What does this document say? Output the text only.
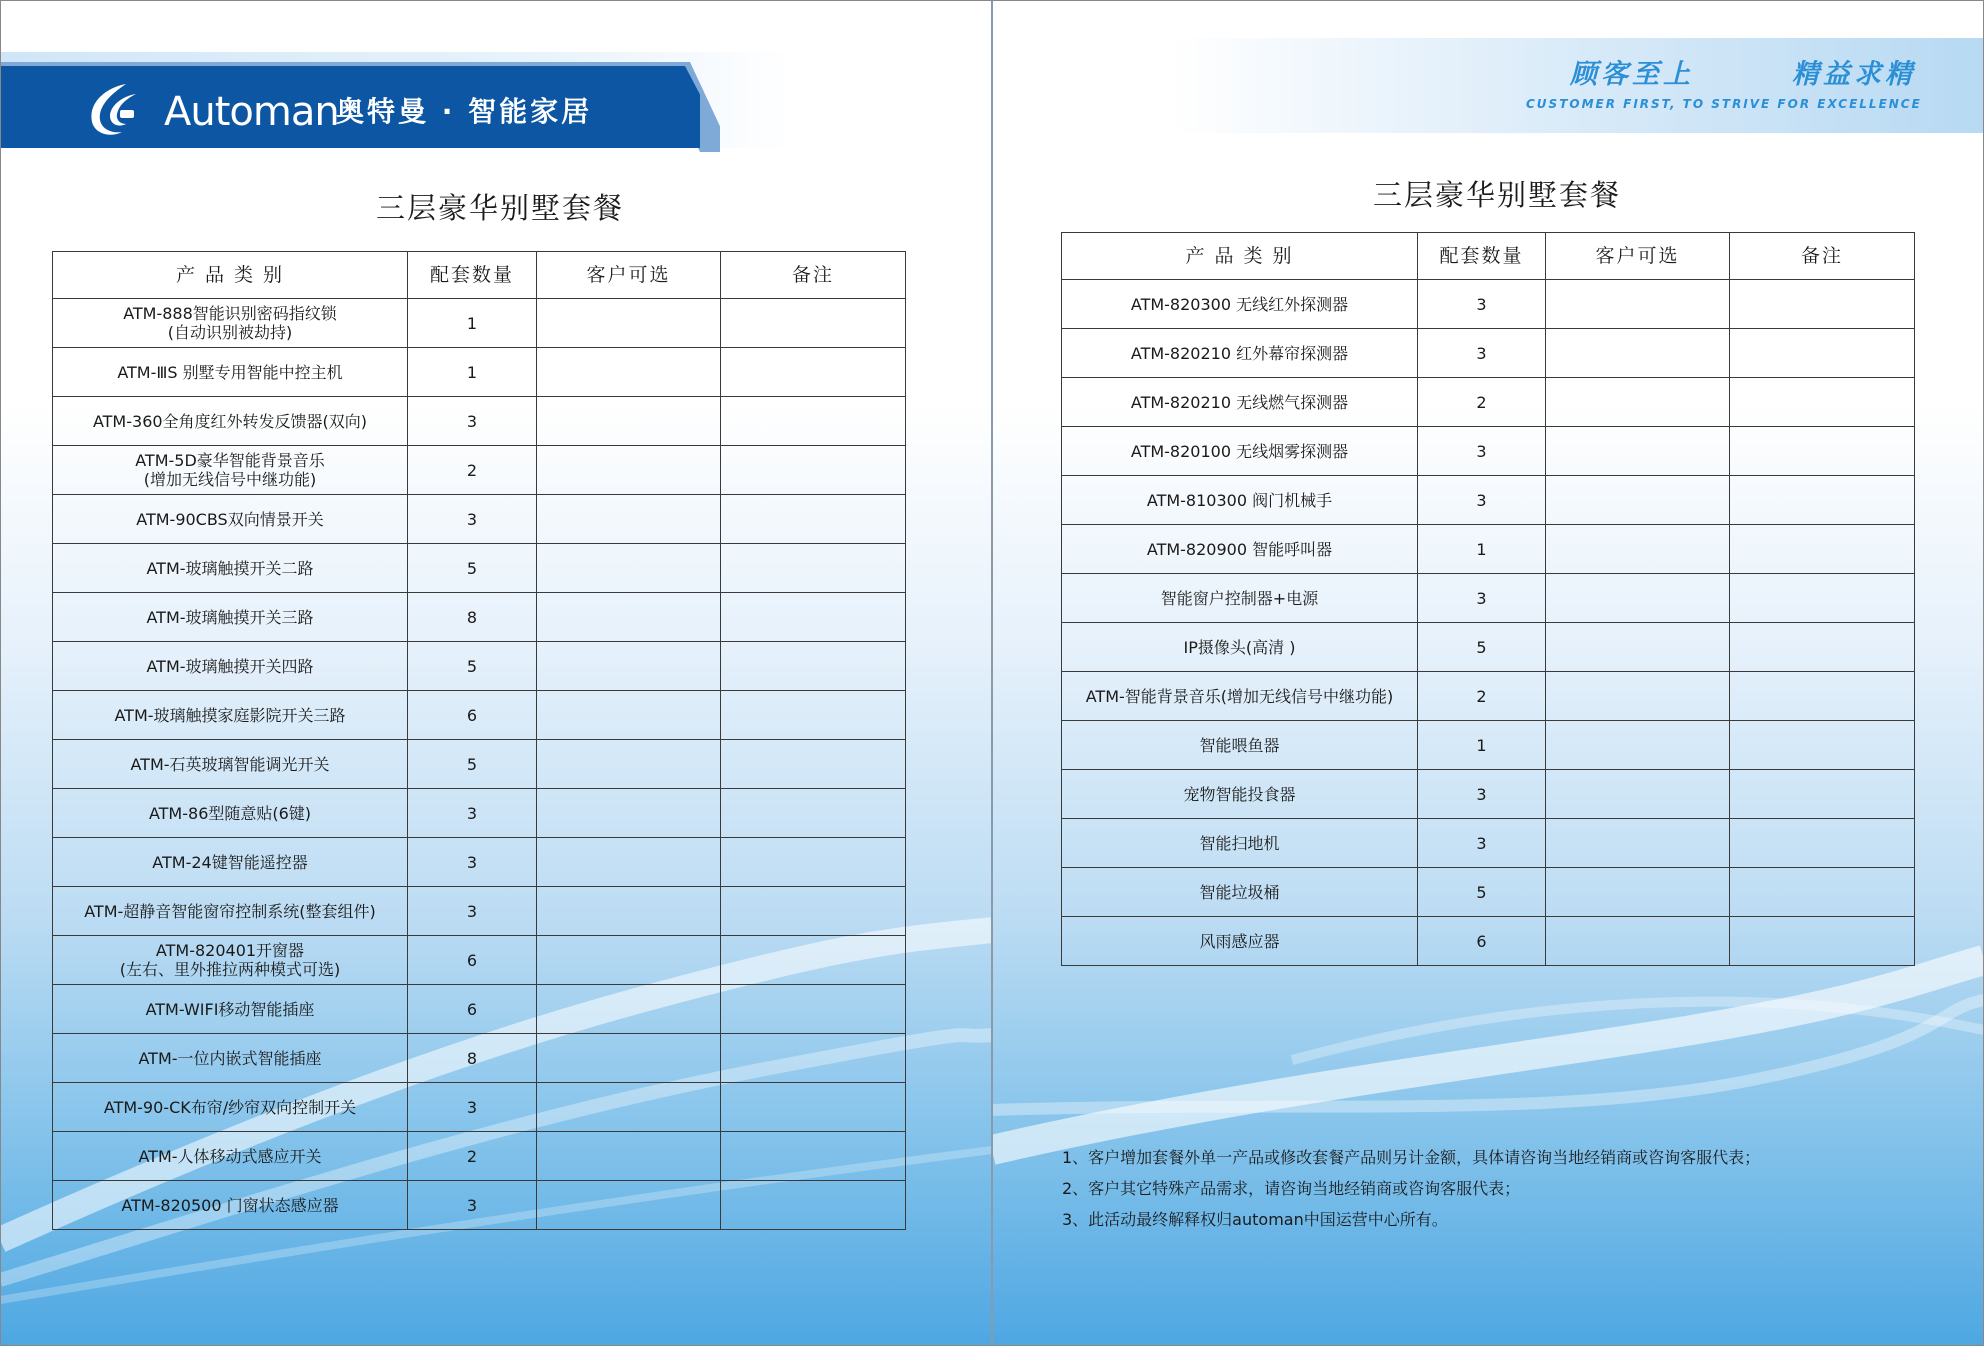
Automan
奥特曼 · 智能家居
三层豪华别墅套餐
产 品 类 别	配套数量	客户可选	备注
ATM-888智能识别密码指纹锁
(自动识别被劫持)	1		
ATM-ⅢS 别墅专用智能中控主机	1		
ATM-360全角度红外转发反馈器(双向)	3		
ATM-5D豪华智能背景音乐
(增加无线信号中继功能)	2		
ATM-90CBS双向情景开关	3		
ATM-玻璃触摸开关二路	5		
ATM-玻璃触摸开关三路	8		
ATM-玻璃触摸开关四路	5		
ATM-玻璃触摸家庭影院开关三路	6		
ATM-石英玻璃智能调光开关	5		
ATM-86型随意贴(6键)	3		
ATM-24键智能遥控器	3		
ATM-超静音智能窗帘控制系统(整套组件)	3		
ATM-820401开窗器
(左右、里外推拉两种模式可选)	6		
ATM-WIFI移动智能插座	6		
ATM-一位内嵌式智能插座	8		
ATM-90-CK布帘/纱帘双向控制开关	3		
ATM-人体移动式感应开关	2		
ATM-820500 门窗状态感应器	3		
顾客至上	精益求精
CUSTOMER FIRST, TO STRIVE FOR EXCELLENCE
三层豪华别墅套餐
产 品 类 别	配套数量	客户可选	备注
ATM-820300 无线红外探测器	3		
ATM-820210 红外幕帘探测器	3		
ATM-820210 无线燃气探测器	2		
ATM-820100 无线烟雾探测器	3		
ATM-810300 阀门机械手	3		
ATM-820900 智能呼叫器	1		
智能窗户控制器+电源	3		
IP摄像头(高清 )	5		
ATM-智能背景音乐(增加无线信号中继功能)	2		
智能喂鱼器	1		
宠物智能投食器	3		
智能扫地机	3		
智能垃圾桶	5		
风雨感应器	6		
1、客户增加套餐外单一产品或修改套餐产品则另计金额，具体请咨询当地经销商或咨询客服代表；
2、客户其它特殊产品需求，请咨询当地经销商或咨询客服代表；
3、此活动最终解释权归automan中国运营中心所有。
